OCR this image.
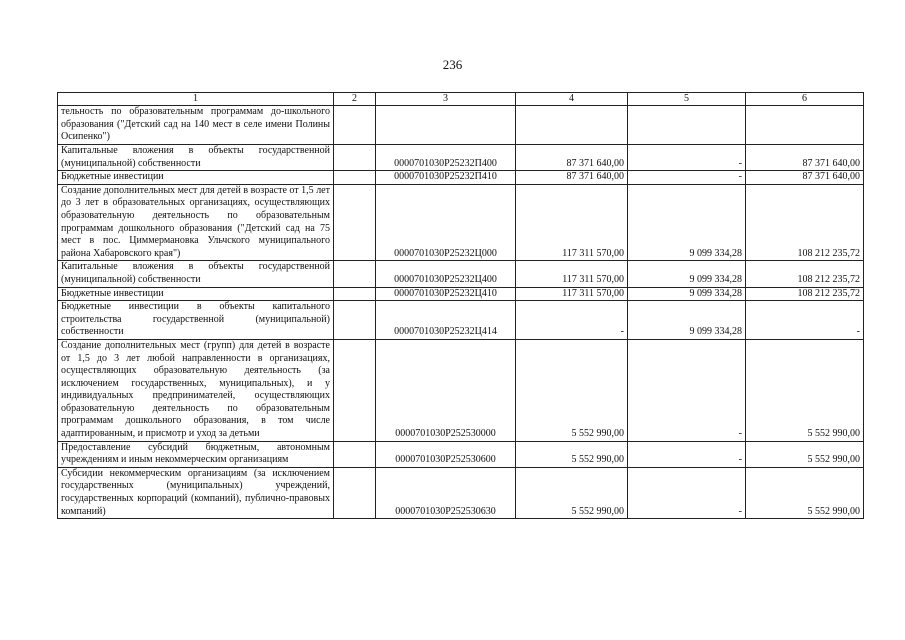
236
1	2	3	4	5	6
тельность по образовательным программам до-школьного образования ("Детский сад на 140 мест в селе имени Полины Осипенко")					
Капитальные вложения в объекты государственной (муниципальной) собственности		0000701030P25232П400	87 371 640,00	-	87 371 640,00
Бюджетные инвестиции		0000701030P25232П410	87 371 640,00	-	87 371 640,00
Создание дополнительных мест для детей в возрасте от 1,5 лет до 3 лет в образовательных организациях, осуществляющих образовательную деятельность по образовательным программам дошкольного образования ("Детский сад на 75 мест в пос. Циммермановка Ульчского муниципального района Хабаровского края")		0000701030P25232Ц000	117 311 570,00	9 099 334,28	108 212 235,72
Капитальные вложения в объекты государственной (муниципальной) собственности		0000701030P25232Ц400	117 311 570,00	9 099 334,28	108 212 235,72
Бюджетные инвестиции		0000701030P25232Ц410	117 311 570,00	9 099 334,28	108 212 235,72
Бюджетные инвестиции в объекты капитального строительства государственной (муниципальной) собственности		0000701030P25232Ц414	-	9 099 334,28	-
Создание дополнительных мест (групп) для детей в возрасте от 1,5 до 3 лет любой направленности в организациях, осуществляющих образовательную деятельность (за исключением государственных, муниципальных), и у индивидуальных предпринимателей, осуществляющих образовательную деятельность по образовательным программам дошкольного образования, в том числе адаптированным, и присмотр и уход за детьми		0000701030P252530000	5 552 990,00	-	5 552 990,00
Предоставление субсидий бюджетным, автономным учреждениям и иным некоммерческим организациям		0000701030P252530600	5 552 990,00	-	5 552 990,00
Субсидии некоммерческим организациям (за исключением государственных (муниципальных) учреждений, государственных корпораций (компаний), публично-правовых компаний)		0000701030P252530630	5 552 990,00	-	5 552 990,00
